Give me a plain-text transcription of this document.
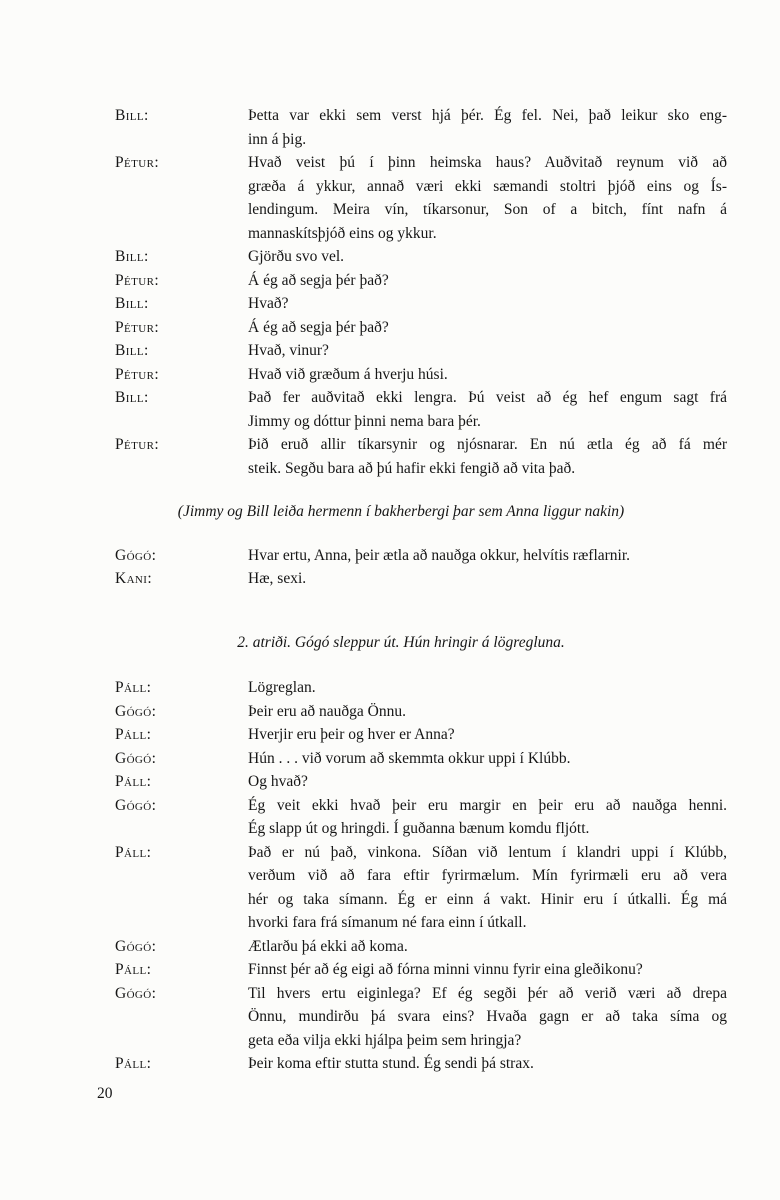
Bill:	Þetta var ekki sem verst hjá þér. Ég fel. Nei, það leikur sko eng-
inn á þig.
Pétur:	Hvað veist þú í þinn heimska haus? Auðvitað reynum við að
græða á ykkur, annað væri ekki sæmandi stoltri þjóð eins og Ís-
lendingum. Meira vín, tíkarsonur, Son of a bitch, fínt nafn á
mannaskítsþjóð eins og ykkur.
Bill:	Gjörðu svo vel.
Pétur:	Á ég að segja þér það?
Bill:	Hvað?
Pétur:	Á ég að segja þér það?
Bill:	Hvað, vinur?
Pétur:	Hvað við græðum á hverju húsi.
Bill:	Það fer auðvitað ekki lengra. Þú veist að ég hef engum sagt frá
Jimmy og dóttur þinni nema bara þér.
Pétur:	Þið eruð allir tíkarsynir og njósnarar. En nú ætla ég að fá mér
steik. Segðu bara að þú hafir ekki fengið að vita það.
(Jimmy og Bill leiða hermenn í bakherbergi þar sem Anna liggur nakin)
Gógó:	Hvar ertu, Anna, þeir ætla að nauðga okkur, helvítis ræflarnir.
Kani:	Hæ, sexi.
2. atriði. Gógó sleppur út. Hún hringir á lögregluna.
Páll:	Lögreglan.
Gógó:	Þeir eru að nauðga Önnu.
Páll:	Hverjir eru þeir og hver er Anna?
Gógó:	Hún . . . við vorum að skemmta okkur uppi í Klúbb.
Páll:	Og hvað?
Gógó:	Ég veit ekki hvað þeir eru margir en þeir eru að nauðga henni.
Ég slapp út og hringdi. Í guðanna bænum komdu fljótt.
Páll:	Það er nú það, vinkona. Síðan við lentum í klandri uppi í Klúbb,
verðum við að fara eftir fyrirmælum. Mín fyrirmæli eru að vera
hér og taka símann. Ég er einn á vakt. Hinir eru í útkalli. Ég má
hvorki fara frá símanum né fara einn í útkall.
Gógó:	Ætlarðu þá ekki að koma.
Páll:	Finnst þér að ég eigi að fórna minni vinnu fyrir eina gleðikonu?
Gógó:	Til hvers ertu eiginlega? Ef ég segði þér að verið væri að drepa
Önnu, mundirðu þá svara eins? Hvaða gagn er að taka síma og
geta eða vilja ekki hjálpa þeim sem hringja?
Páll:	Þeir koma eftir stutta stund. Ég sendi þá strax.
20
